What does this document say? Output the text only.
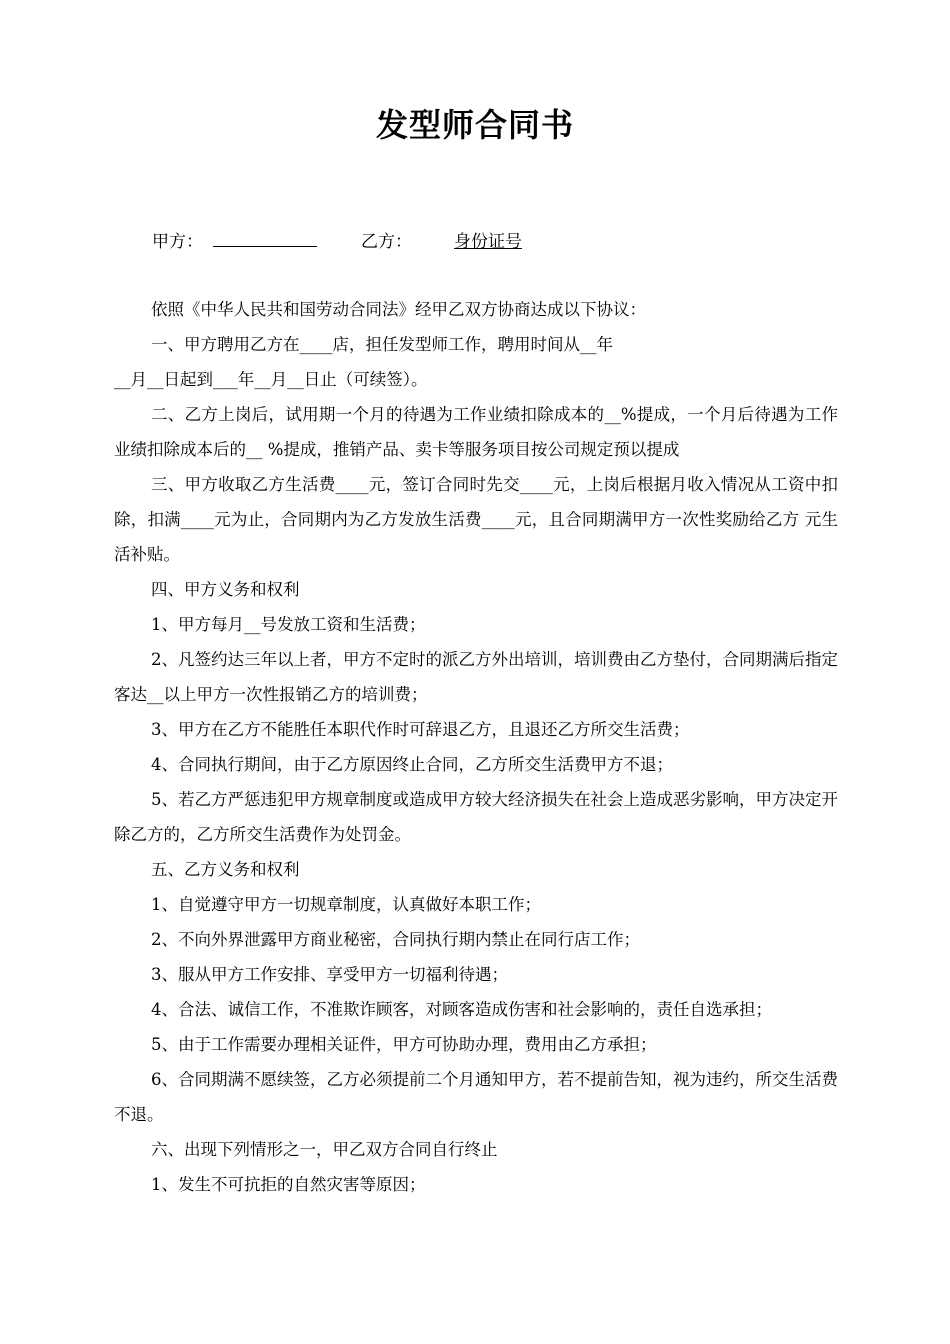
发型师合同书
甲方：	乙方： 身份证号

依照《中华人民共和国劳动合同法》经甲乙双方协商达成以下协议：

一、甲方聘用乙方在____店，担任发型师工作，聘用时间从__年

__月__日起到___年__月__日止（可续签）。

二、乙方上岗后，试用期一个月的待遇为工作业绩扣除成本的__%提成，一个月后待遇为工作业绩扣除成本后的__ %提成，推销产品、卖卡等服务项目按公司规定预以提成

三、甲方收取乙方生活费____元，签订合同时先交____元，上岗后根据月收入情况从工资中扣除，扣满____元为止，合同期内为乙方发放生活费____元，且合同期满甲方一次性奖励给乙方 元生活补贴。

四、甲方义务和权利

1、甲方每月__号发放工资和生活费；

2、凡签约达三年以上者，甲方不定时的派乙方外出培训，培训费由乙方垫付，合同期满后指定客达__以上甲方一次性报销乙方的培训费；

3、甲方在乙方不能胜任本职代作时可辞退乙方，且退还乙方所交生活费；

4、合同执行期间，由于乙方原因终止合同，乙方所交生活费甲方不退；

5、若乙方严惩违犯甲方规章制度或造成甲方较大经济损失在社会上造成恶劣影响，甲方决定开除乙方的，乙方所交生活费作为处罚金。

五、乙方义务和权利

1、自觉遵守甲方一切规章制度，认真做好本职工作；

2、不向外界泄露甲方商业秘密，合同执行期内禁止在同行店工作；

3、服从甲方工作安排、享受甲方一切福利待遇；

4、合法、诚信工作，不准欺诈顾客，对顾客造成伤害和社会影响的，责任自选承担；

5、由于工作需要办理相关证件，甲方可协助办理，费用由乙方承担；

6、合同期满不愿续签，乙方必须提前二个月通知甲方，若不提前告知，视为违约，所交生活费不退。

六、出现下列情形之一，甲乙双方合同自行终止

1、发生不可抗拒的自然灾害等原因；
